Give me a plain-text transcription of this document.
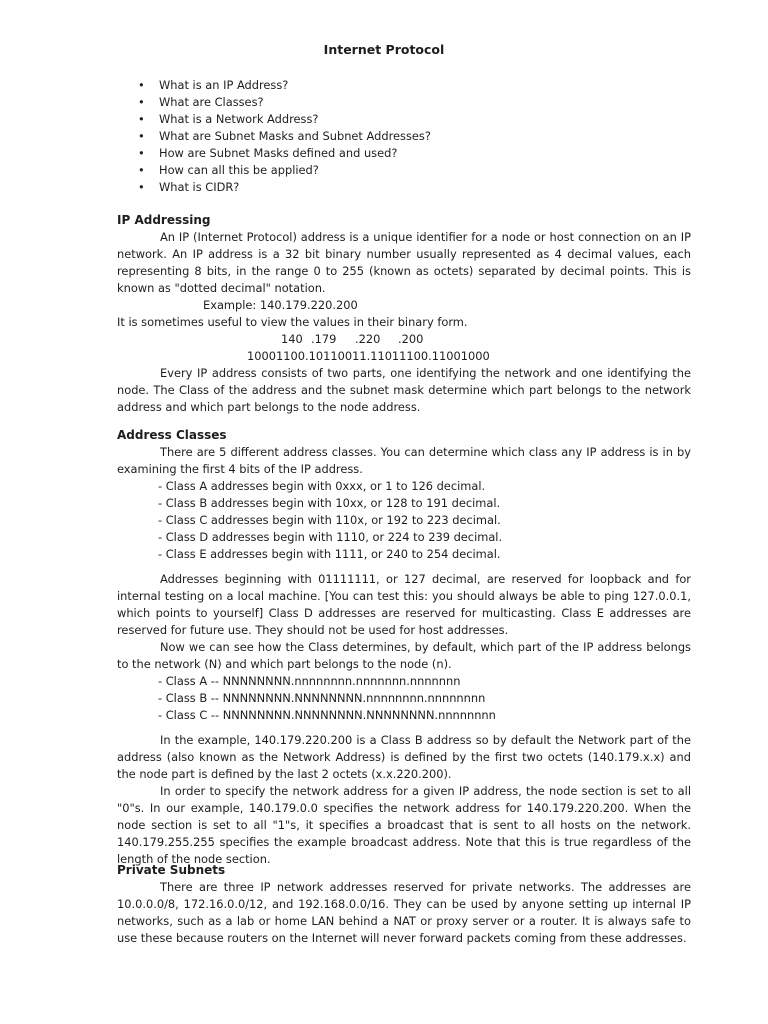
Internet Protocol
• What is an IP Address?
• What are Classes?
• What is a Network Address?
• What are Subnet Masks and Subnet Addresses?
• How are Subnet Masks defined and used?
• How can all this be applied?
• What is CIDR?
IP Addressing

An IP (Internet Protocol) address is a unique identifier for a node or host connection on an IP network. An IP address is a 32 bit binary number usually represented as 4 decimal values, each representing 8 bits, in the range 0 to 255 (known as octets) separated by decimal points. This is known as "dotted decimal" notation.

Example: 140.179.220.200
It is sometimes useful to view the values in their binary form.
140 .179 .220 .200
10001100.10110011.11011100.11001000

Every IP address consists of two parts, one identifying the network and one identifying the node. The Class of the address and the subnet mask determine which part belongs to the network address and which part belongs to the node address.

Address Classes

There are 5 different address classes. You can determine which class any IP address is in by examining the first 4 bits of the IP address.

- Class A addresses begin with 0xxx, or 1 to 126 decimal.
- Class B addresses begin with 10xx, or 128 to 191 decimal.
- Class C addresses begin with 110x, or 192 to 223 decimal.
- Class D addresses begin with 1110, or 224 to 239 decimal.
- Class E addresses begin with 1111, or 240 to 254 decimal.

Addresses beginning with 01111111, or 127 decimal, are reserved for loopback and for internal testing on a local machine. [You can test this: you should always be able to ping 127.0.0.1, which points to yourself] Class D addresses are reserved for multicasting. Class E addresses are reserved for future use. They should not be used for host addresses.

Now we can see how the Class determines, by default, which part of the IP address belongs to the network (N) and which part belongs to the node (n).

- Class A -- NNNNNNNN.nnnnnnnn.nnnnnnn.nnnnnnn
- Class B -- NNNNNNNN.NNNNNNNN.nnnnnnnn.nnnnnnnn
- Class C -- NNNNNNNN.NNNNNNNN.NNNNNNNN.nnnnnnnn

In the example, 140.179.220.200 is a Class B address so by default the Network part of the address (also known as the Network Address) is defined by the first two octets (140.179.x.x) and the node part is defined by the last 2 octets (x.x.220.200).

In order to specify the network address for a given IP address, the node section is set to all "0"s. In our example, 140.179.0.0 specifies the network address for 140.179.220.200. When the node section is set to all "1"s, it specifies a broadcast that is sent to all hosts on the network. 140.179.255.255 specifies the example broadcast address. Note that this is true regardless of the length of the node section.

Private Subnets

There are three IP network addresses reserved for private networks. The addresses are 10.0.0.0/8, 172.16.0.0/12, and 192.168.0.0/16. They can be used by anyone setting up internal IP networks, such as a lab or home LAN behind a NAT or proxy server or a router. It is always safe to use these because routers on the Internet will never forward packets coming from these addresses.
